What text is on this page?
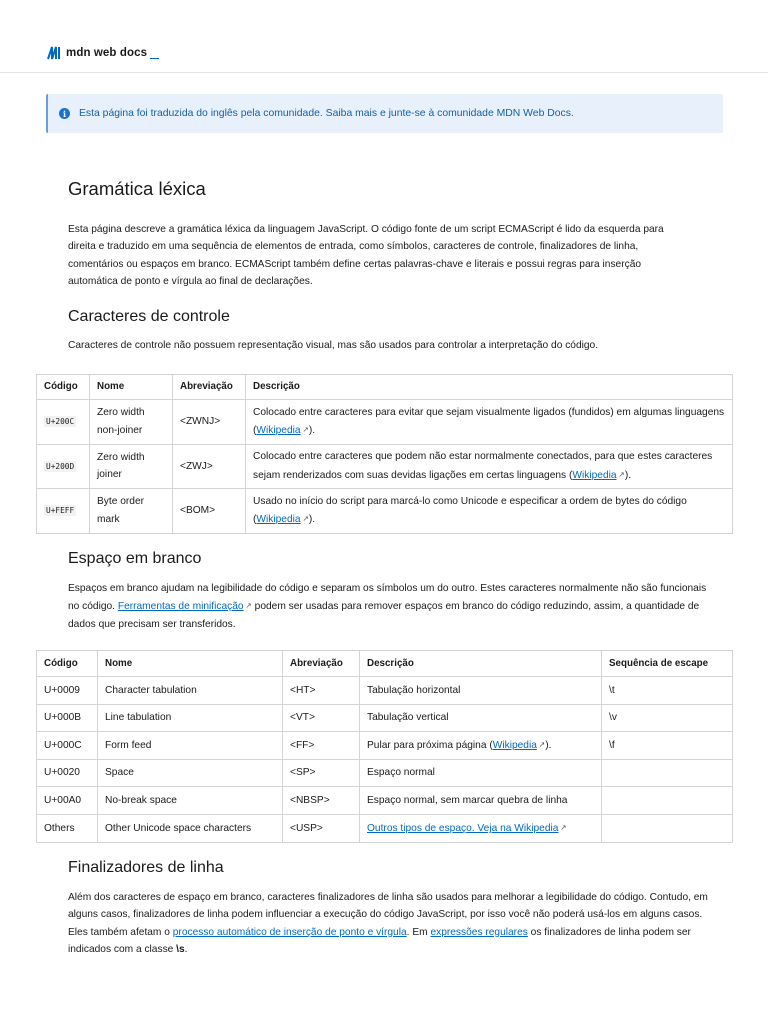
mdn web docs
i	Esta página foi traduzida do inglês pela comunidade. Saiba mais e junte-se à comunidade MDN Web Docs.
Gramática léxica

Esta página descreve a gramática léxica da linguagem JavaScript. O código fonte de um script ECMAScript é lido da esquerda para direita e traduzido em uma sequência de elementos de entrada, como símbolos, caracteres de controle, finalizadores de linha, comentários ou espaços em branco. ECMAScript também define certas palavras-chave e literais e possui regras para inserção automática de ponto e vírgula ao final de declarações.

Caracteres de controle

Caracteres de controle não possuem representação visual, mas são usados para controlar a interpretação do código.

Espaço em branco

Espaços em branco ajudam na legibilidade do código e separam os símbolos um do outro. Estes caracteres normalmente não são funcionais no código. Ferramentas de minificação ↗ podem ser usadas para remover espaços em branco do código reduzindo, assim, a quantidade de dados que precisam ser transferidos.

Finalizadores de linha

Além dos caracteres de espaço em branco, caracteres finalizadores de linha são usados para melhorar a legibilidade do código. Contudo, em alguns casos, finalizadores de linha podem influenciar a execução do código JavaScript, por isso você não poderá usá-los em alguns casos. Eles também afetam o processo automático de inserção de ponto e vírgula. Em expressões regulares os finalizadores de linha podem ser indicados com a classe \s.

Código	Nome	Abreviação	Descrição
U+200C	Zero width non-joiner	<ZWNJ>	Colocado entre caracteres para evitar que sejam visualmente ligados (fundidos) em algumas linguagens (Wikipedia ↗).
U+200D	Zero width joiner	<ZWJ>	Colocado entre caracteres que podem não estar normalmente conectados, para que estes caracteres sejam renderizados com suas devidas ligações em certas linguagens (Wikipedia ↗).
U+FEFF	Byte order mark	<BOM>	Usado no início do script para marcá-lo como Unicode e especificar a ordem de bytes do código (Wikipedia ↗).
Código	Nome	Abreviação	Descrição	Sequência de escape
U+0009	Character tabulation	<HT>	Tabulação horizontal	\t
U+000B	Line tabulation	<VT>	Tabulação vertical	\v
U+000C	Form feed	<FF>	Pular para próxima página (Wikipedia ↗).	\f
U+0020	Space	<SP>	Espaço normal	
U+00A0	No-break space	<NBSP>	Espaço normal, sem marcar quebra de linha	
Others	Other Unicode space characters	<USP>	Outros tipos de espaço. Veja na Wikipedia ↗	
